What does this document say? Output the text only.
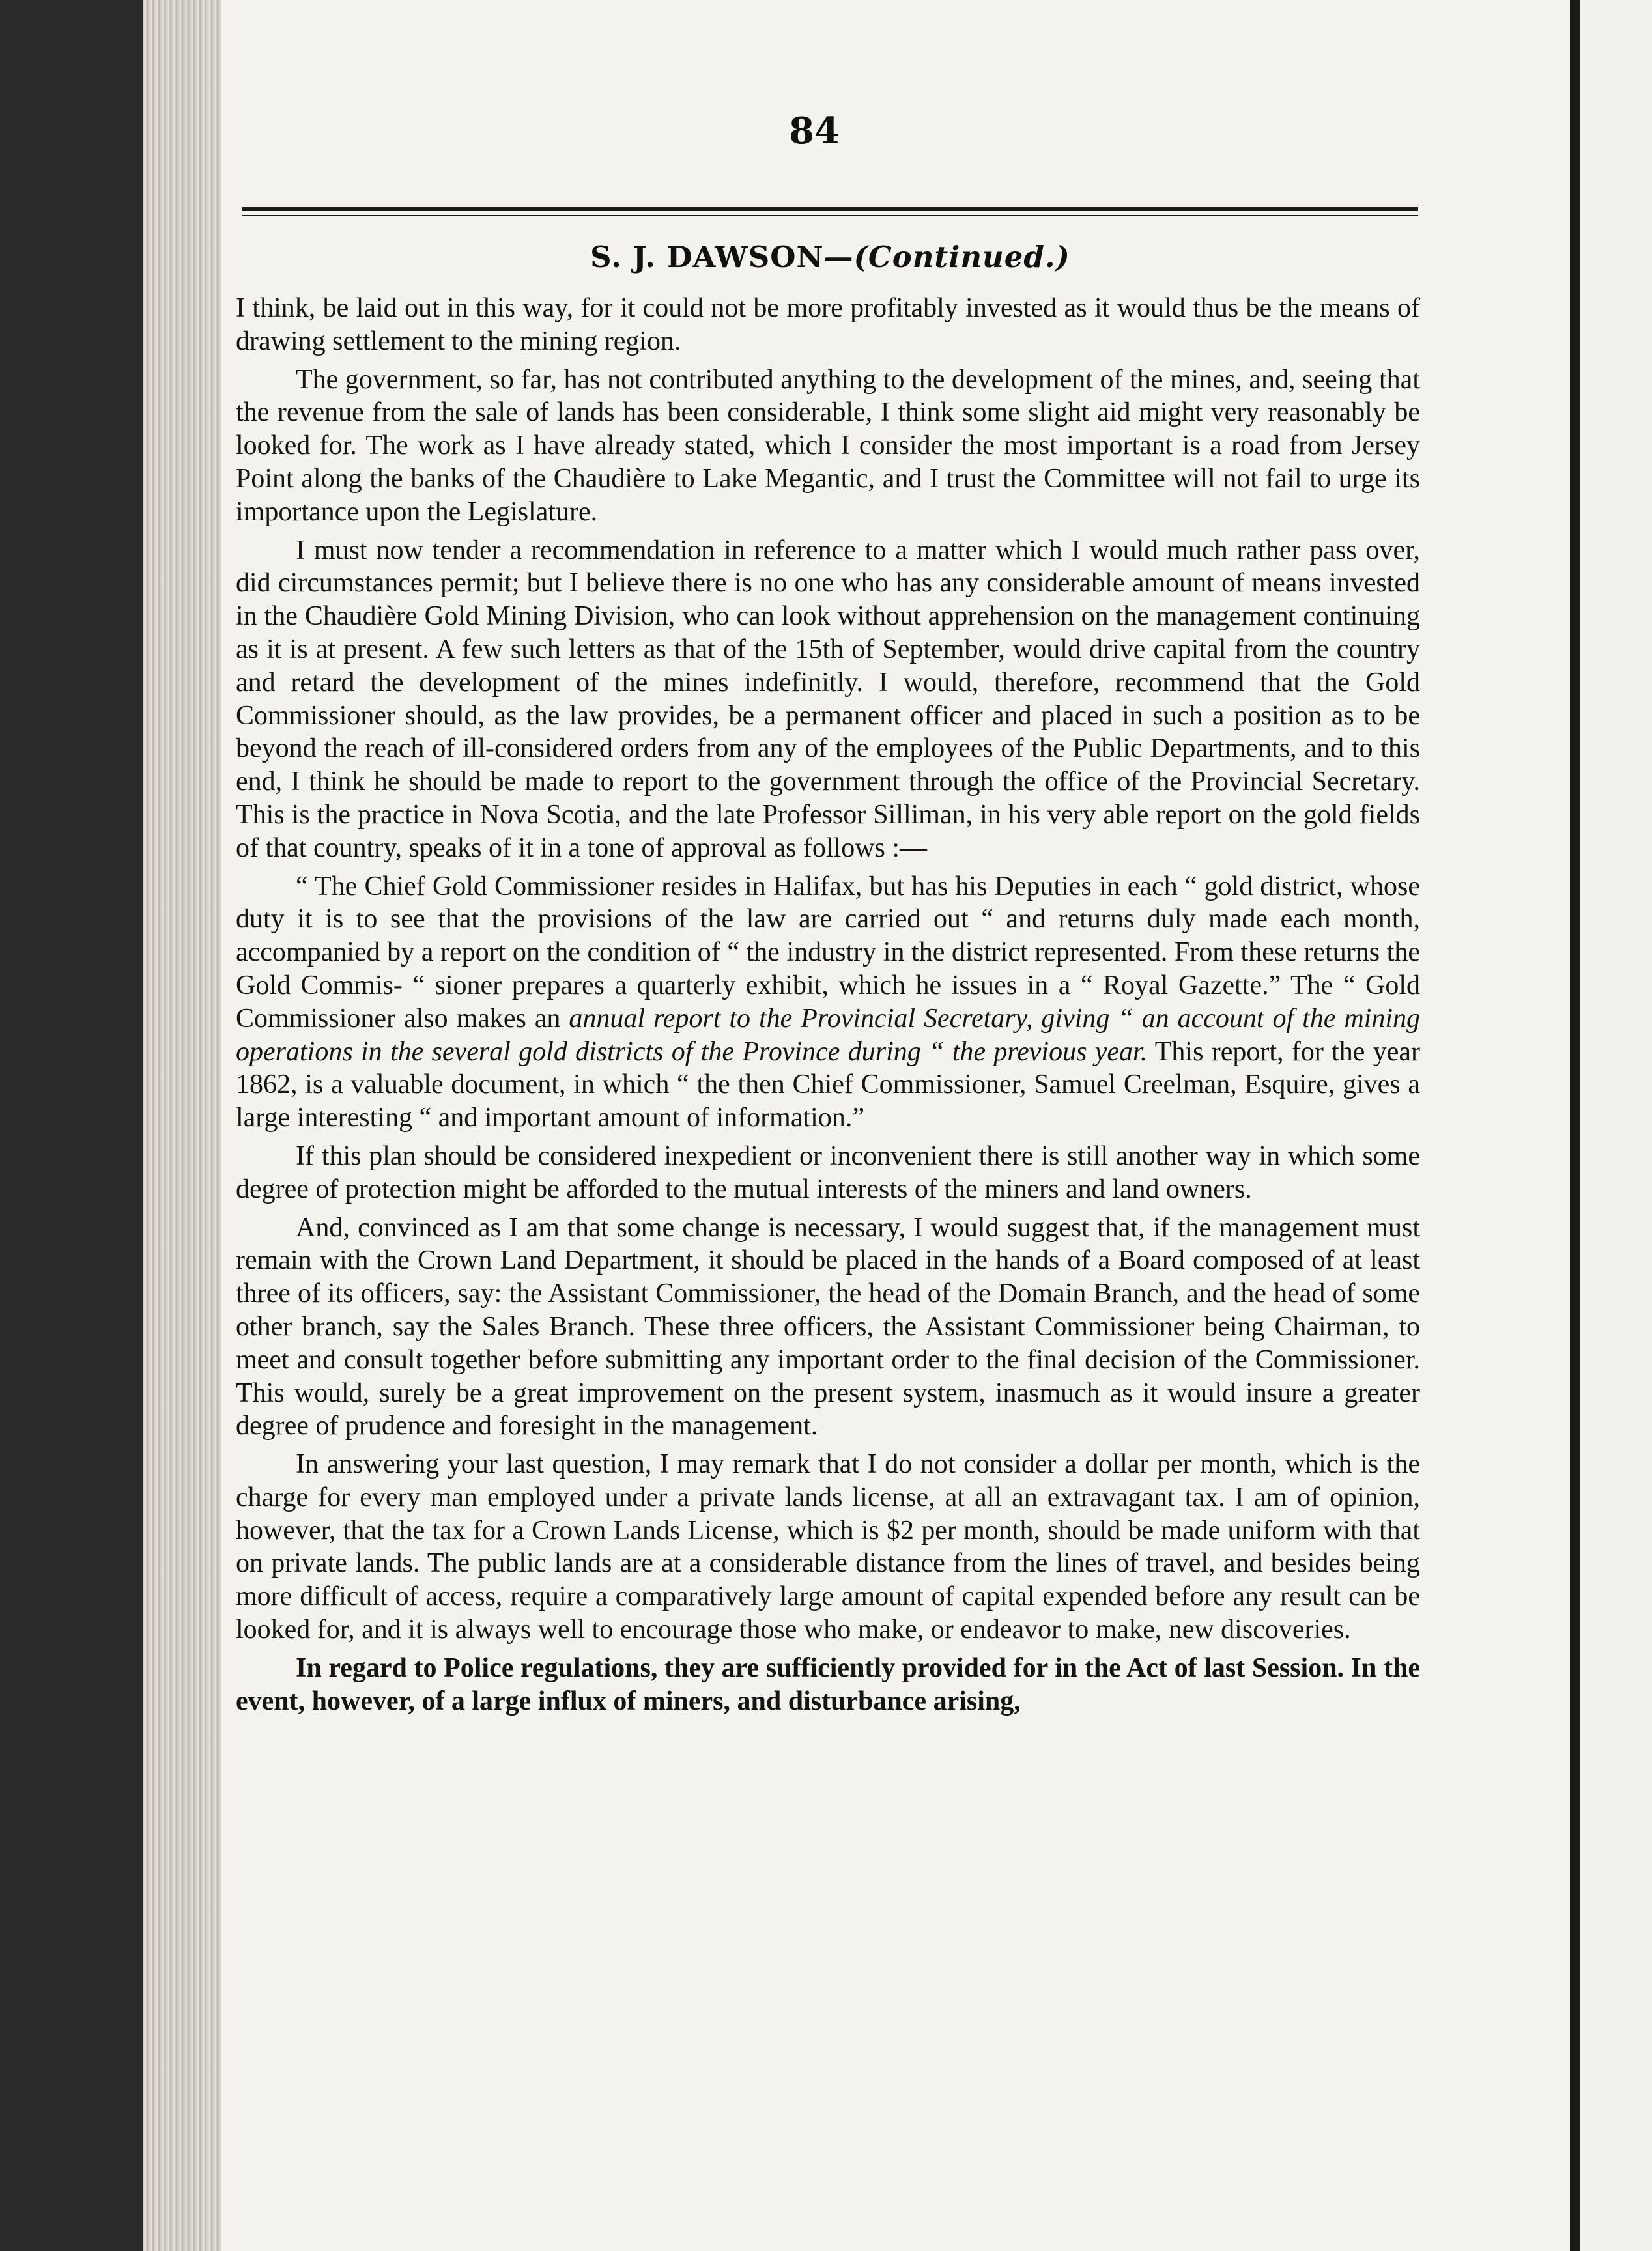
84
S. J. DAWSON—(Continued.)

I think, be laid out in this way, for it could not be more profitably invested as it would thus be the means of drawing settlement to the mining region.

The government, so far, has not contributed anything to the development of the mines, and, seeing that the revenue from the sale of lands has been considerable, I think some slight aid might very reasonably be looked for. The work as I have already stated, which I consider the most important is a road from Jersey Point along the banks of the Chaudière to Lake Megantic, and I trust the Committee will not fail to urge its importance upon the Legislature.

I must now tender a recommendation in reference to a matter which I would much rather pass over, did circumstances permit; but I believe there is no one who has any considerable amount of means invested in the Chaudière Gold Mining Division, who can look without apprehension on the management continuing as it is at present. A few such letters as that of the 15th of September, would drive capital from the country and retard the development of the mines indefinitly. I would, therefore, recommend that the Gold Commissioner should, as the law provides, be a permanent officer and placed in such a position as to be beyond the reach of ill-considered orders from any of the employees of the Public Departments, and to this end, I think he should be made to report to the government through the office of the Provincial Secretary. This is the practice in Nova Scotia, and the late Professor Silliman, in his very able report on the gold fields of that country, speaks of it in a tone of approval as follows :—

“ The Chief Gold Commissioner resides in Halifax, but has his Deputies in each “ gold district, whose duty it is to see that the provisions of the law are carried out “ and returns duly made each month, accompanied by a report on the condition of “ the industry in the district represented. From these returns the Gold Commis- “ sioner prepares a quarterly exhibit, which he issues in a “ Royal Gazette.” The “ Gold Commissioner also makes an annual report to the Provincial Secretary, giving “ an account of the mining operations in the several gold districts of the Province during “ the previous year. This report, for the year 1862, is a valuable document, in which “ the then Chief Commissioner, Samuel Creelman, Esquire, gives a large interesting “ and important amount of information.”

If this plan should be considered inexpedient or inconvenient there is still another way in which some degree of protection might be afforded to the mutual interests of the miners and land owners.

And, convinced as I am that some change is necessary, I would suggest that, if the management must remain with the Crown Land Department, it should be placed in the hands of a Board composed of at least three of its officers, say: the Assistant Commissioner, the head of the Domain Branch, and the head of some other branch, say the Sales Branch. These three officers, the Assistant Commissioner being Chairman, to meet and consult together before submitting any important order to the final decision of the Commissioner. This would, surely be a great improvement on the present system, inasmuch as it would insure a greater degree of prudence and foresight in the management.

In answering your last question, I may remark that I do not consider a dollar per month, which is the charge for every man employed under a private lands license, at all an extravagant tax. I am of opinion, however, that the tax for a Crown Lands License, which is $2 per month, should be made uniform with that on private lands. The public lands are at a considerable distance from the lines of travel, and besides being more difficult of access, require a comparatively large amount of capital expended before any result can be looked for, and it is always well to encourage those who make, or endeavor to make, new discoveries.

In regard to Police regulations, they are sufficiently provided for in the Act of last Session. In the event, however, of a large influx of miners, and disturbance arising,
